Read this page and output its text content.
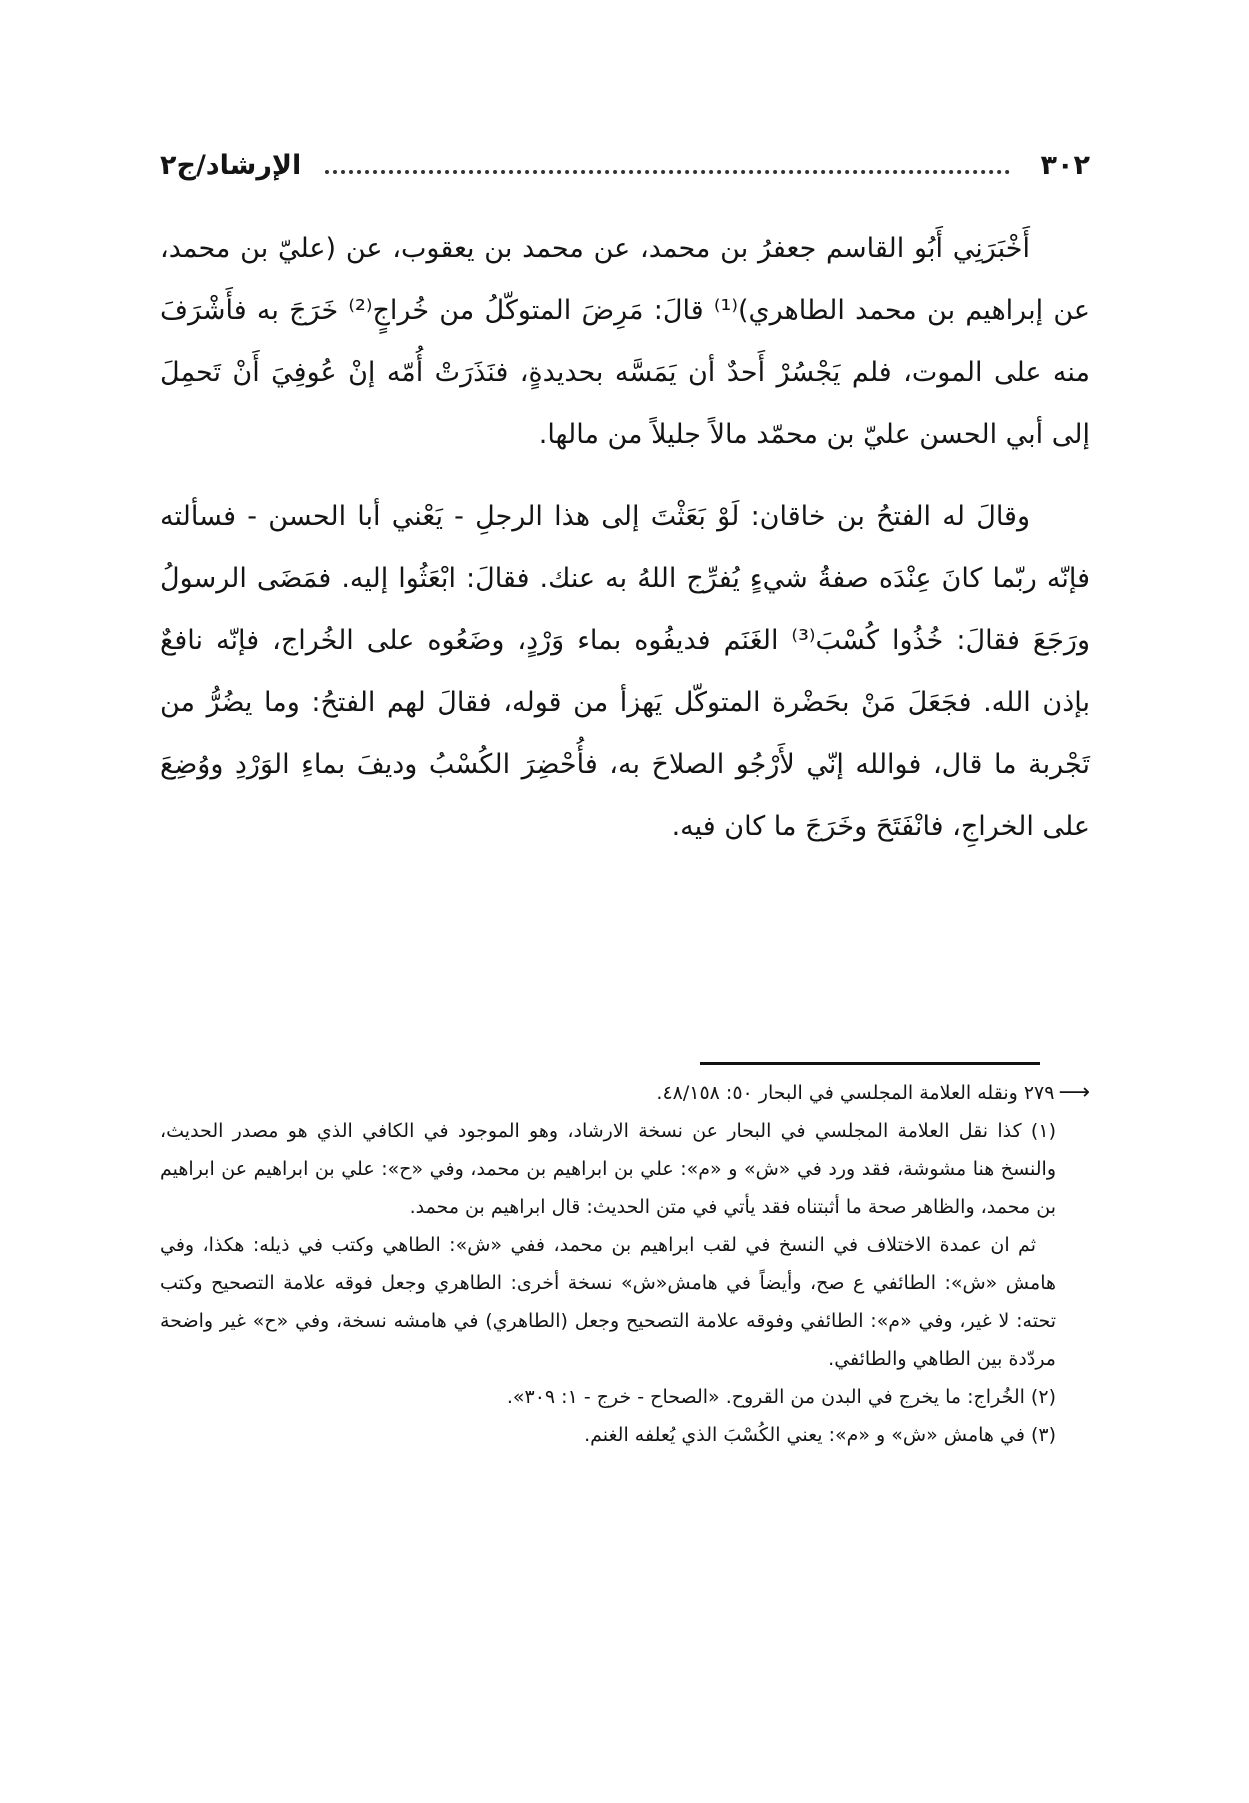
٣٠٢
الإرشاد/ج٢

أَخْبَرَنِي أَبُو القاسم جعفرُ بن محمد، عن محمد بن يعقوب، عن (عليّ بن محمد، عن إبراهيم بن محمد الطاهري)⁽¹⁾ قالَ: مَرِضَ المتوكّلُ من خُراجٍ⁽²⁾ خَرَجَ به فأَشْرَفَ منه على الموت، فلم يَجْسُرْ أَحدٌ أن يَمَسَّه بحديدةٍ، فنَذَرَتْ أُمّه إنْ عُوفِيَ أَنْ تَحمِلَ إلى أبي الحسن عليّ بن محمّد مالاً جليلاً من مالها.

وقالَ له الفتحُ بن خاقان: لَوْ بَعَثْتَ إلى هذا الرجلِ - يَعْني أبا الحسن - فسألته فإنّه ربّما كانَ عِنْدَه صفةُ شيءٍ يُفرِّج اللهُ به عنك. فقالَ: ابْعَثُوا إليه. فمَضَى الرسولُ ورَجَعَ فقالَ: خُذُوا كُسْبَ⁽³⁾ الغَنَم فديفُوه بماء وَرْدٍ، وضَعُوه على الخُراج، فإنّه نافعٌ بإذن الله. فجَعَلَ مَنْ بحَضْرة المتوكّل يَهزأ من قوله، فقالَ لهم الفتحُ: وما يضُرُّ من تَجْربة ما قال، فوالله إنّي لأَرْجُو الصلاحَ به، فأُحْضِرَ الكُسْبُ وديفَ بماءِ الوَرْدِ ووُضِعَ على الخراجِ، فانْفَتَحَ وخَرَجَ ما كان فيه.

⟶٢٧٩ ونقله العلامة المجلسي في البحار ٥٠: ٤٨/١٥٨.

(١) كذا نقل العلامة المجلسي في البحار عن نسخة الارشاد، وهو الموجود في الكافي الذي هو مصدر الحديث، والنسخ هنا مشوشة، فقد ورد في «ش» و «م»: علي بن ابراهيم بن محمد، وفي «ح»: علي بن ابراهيم عن ابراهيم بن محمد، والظاهر صحة ما أثبتناه فقد يأتي في متن الحديث: قال ابراهيم بن محمد.

ثم ان عمدة الاختلاف في النسخ في لقب ابراهيم بن محمد، ففي «ش»: الطاهي وكتب في ذيله: هكذا، وفي هامش «ش»: الطائفي ع صح، وأيضاً في هامش«ش» نسخة أخرى: الطاهري وجعل فوقه علامة التصحيح وكتب تحته: لا غير، وفي «م»: الطائفي وفوقه علامة التصحيح وجعل (الطاهري) في هامشه نسخة، وفي «ح» غير واضحة مردّدة بين الطاهي والطائفي.

(٢) الخُراج: ما يخرج في البدن من القروح. «الصحاح - خرج - ١: ٣٠٩».

(٣) في هامش «ش» و «م»: يعني الكُسْبَ الذي يُعلفه الغنم.
